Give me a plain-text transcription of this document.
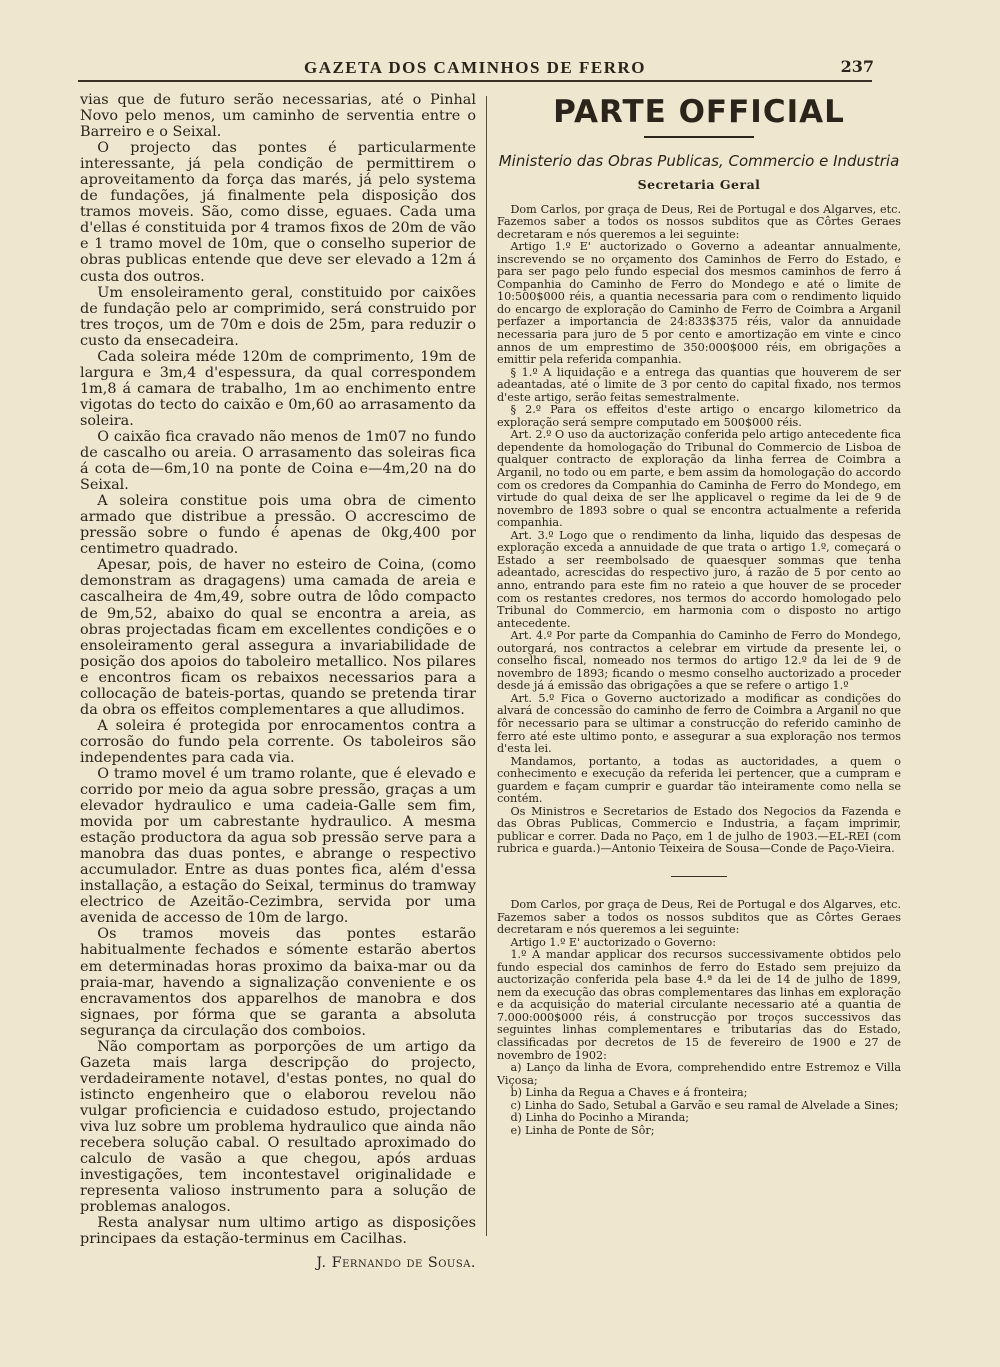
GAZETA DOS CAMINHOS DE FERRO	237

vias que de futuro serão necessarias, até o Pinhal Novo pelo menos, um caminho de serventia entre o Barreiro e o Seixal.

O projecto das pontes é particularmente interessante, já pela condição de permittirem o aproveitamento da força das marés, já pelo systema de fundações, já finalmente pela disposição dos tramos moveis. São, como disse, eguaes. Cada uma d'ellas é constituida por 4 tramos fixos de 20m de vão e 1 tramo movel de 10m, que o conselho superior de obras publicas entende que deve ser elevado a 12m á custa dos outros.

Um ensoleiramento geral, constituido por caixões de fundação pelo ar comprimido, será construido por tres troços, um de 70m e dois de 25m, para reduzir o custo da ensecadeira.

Cada soleira méde 120m de comprimento, 19m de largura e 3m,4 d'espessura, da qual correspondem 1m,8 á camara de trabalho, 1m ao enchimento entre vigotas do tecto do caixão e 0m,60 ao arrasamento da soleira.

O caixão fica cravado não menos de 1m07 no fundo de cascalho ou areia. O arrasamento das soleiras fica á cota de—6m,10 na ponte de Coina e—4m,20 na do Seixal.

A soleira constitue pois uma obra de cimento armado que distribue a pressão. O accrescimo de pressão sobre o fundo é apenas de 0kg,400 por centimetro quadrado.

Apesar, pois, de haver no esteiro de Coina, (como demonstram as dragagens) uma camada de areia e cascalheira de 4m,49, sobre outra de lôdo compacto de 9m,52, abaixo do qual se encontra a areia, as obras projectadas ficam em excellentes condições e o ensoleiramento geral assegura a invariabilidade de posição dos apoios do taboleiro metallico. Nos pilares e encontros ficam os rebaixos necessarios para a collocação de bateis-portas, quando se pretenda tirar da obra os effeitos complementares a que alludimos.

A soleira é protegida por enrocamentos contra a corrosão do fundo pela corrente. Os taboleiros são independentes para cada via.

O tramo movel é um tramo rolante, que é elevado e corrido por meio da agua sobre pressão, graças a um elevador hydraulico e uma cadeia-Galle sem fim, movida por um cabrestante hydraulico. A mesma estação productora da agua sob pressão serve para a manobra das duas pontes, e abrange o respectivo accumulador. Entre as duas pontes fica, além d'essa installação, a estação do Seixal, terminus do tramway electrico de Azeitão-Cezimbra, servida por uma avenida de accesso de 10m de largo.

Os tramos moveis das pontes estarão habitualmente fechados e sómente estarão abertos em determinadas horas proximo da baixa-mar ou da praia-mar, havendo a signalização conveniente e os encravamentos dos apparelhos de manobra e dos signaes, por fórma que se garanta a absoluta segurança da circulação dos comboios.

Não comportam as porporções de um artigo da Gazeta mais larga descripção do projecto, verdadeiramente notavel, d'estas pontes, no qual do istincto engenheiro que o elaborou revelou não vulgar proficiencia e cuidadoso estudo, projectando viva luz sobre um problema hydraulico que ainda não recebera solução cabal. O resultado aproximado do calculo de vasão a que chegou, após arduas investigações, tem incontestavel originalidade e representa valioso instrumento para a solução de problemas analogos.

Resta analysar num ultimo artigo as disposições principaes da estação-terminus em Cacilhas.

J. Fernando de Sousa.
PARTE OFFICIAL
Ministerio das Obras Publicas, Commercio e Industria
Secretaria Geral

Dom Carlos, por graça de Deus, Rei de Portugal e dos Algarves, etc. Fazemos saber a todos os nossos subditos que as Côrtes Geraes decretaram e nós queremos a lei seguinte:

Artigo 1.º E' auctorizado o Governo a adeantar annualmente, inscrevendo se no orçamento dos Caminhos de Ferro do Estado, e para ser pago pelo fundo especial dos mesmos caminhos de ferro á Companhia do Caminho de Ferro do Mondego e até o limite de 10:500$000 réis, a quantia necessaria para com o rendimento liquido do encargo de exploração do Caminho de Ferro de Coimbra a Arganil perfazer a importancia de 24:833$375 réis, valor da annuidade necessaria para juro de 5 por cento e amortização em vinte e cinco annos de um emprestimo de 350:000$000 réis, em obrigações a emittir pela referida companhia.

§ 1.º A liquidação e a entrega das quantias que houverem de ser adeantadas, até o limite de 3 por cento do capital fixado, nos termos d'este artigo, serão feitas semestralmente.

§ 2.º Para os effeitos d'este artigo o encargo kilometrico da exploração será sempre computado em 500$000 réis.

Art. 2.º O uso da auctorização conferida pelo artigo antecedente fica dependente da homologação do Tribunal do Commercio de Lisboa de qualquer contracto de exploração da linha ferrea de Coimbra a Arganil, no todo ou em parte, e bem assim da homologação do accordo com os credores da Companhia do Caminha de Ferro do Mondego, em virtude do qual deixa de ser lhe applicavel o regime da lei de 9 de novembro de 1893 sobre o qual se encontra actualmente a referida companhia.

Art. 3.º Logo que o rendimento da linha, liquido das despesas de exploração exceda a annuidade de que trata o artigo 1.º, começará o Estado a ser reembolsado de quaesquer sommas que tenha adeantado, acrescidas do respectivo juro, á razão de 5 por cento ao anno, entrando para este fim no rateio a que houver de se proceder com os restantes credores, nos termos do accordo homologado pelo Tribunal do Commercio, em harmonia com o disposto no artigo antecedente.

Art. 4.º Por parte da Companhia do Caminho de Ferro do Mondego, outorgará, nos contractos a celebrar em virtude da presente lei, o conselho fiscal, nomeado nos termos do artigo 12.º da lei de 9 de novembro de 1893; ficando o mesmo conselho auctorizado a proceder desde já á emissão das obrigações a que se refere o artigo 1.º

Art. 5.º Fica o Governo auctorizado a modificar as condições do alvará de concessão do caminho de ferro de Coimbra a Arganil no que fôr necessario para se ultimar a construcção do referido caminho de ferro até este ultimo ponto, e assegurar a sua exploração nos termos d'esta lei.

Mandamos, portanto, a todas as auctoridades, a quem o conhecimento e execução da referida lei pertencer, que a cumpram e guardem e façam cumprir e guardar tão inteiramente como nella se contém.

Os Ministros e Secretarios de Estado dos Negocios da Fazenda e das Obras Publicas, Commercio e Industria, a façam imprimir, publicar e correr. Dada no Paço, em 1 de julho de 1903.—EL-REI (com rubrica e guarda.)—Antonio Teixeira de Sousa—Conde de Paço-Vieira.

Dom Carlos, por graça de Deus, Rei de Portugal e dos Algarves, etc. Fazemos saber a todos os nossos subditos que as Côrtes Geraes decretaram e nós queremos a lei seguinte:

Artigo 1.º E' auctorizado o Governo:

1.º A mandar applicar dos recursos successivamente obtidos pelo fundo especial dos caminhos de ferro do Estado sem prejuizo da auctorização conferida pela base 4.ª da lei de 14 de julho de 1899, nem da execução das obras complementares das linhas em exploração e da acquisição do material circulante necessario até a quantia de 7.000:000$000 réis, á construcção por troços successivos das seguintes linhas complementares e tributarias das do Estado, classificadas por decretos de 15 de fevereiro de 1900 e 27 de novembro de 1902:

a) Lanço da linha de Evora, comprehendido entre Estremoz e Villa Viçosa;

b) Linha da Regua a Chaves e á fronteira;

c) Linha do Sado, Setubal a Garvão e seu ramal de Alvelade a Sines;

d) Linha do Pocinho a Miranda;

e) Linha de Ponte de Sôr;
